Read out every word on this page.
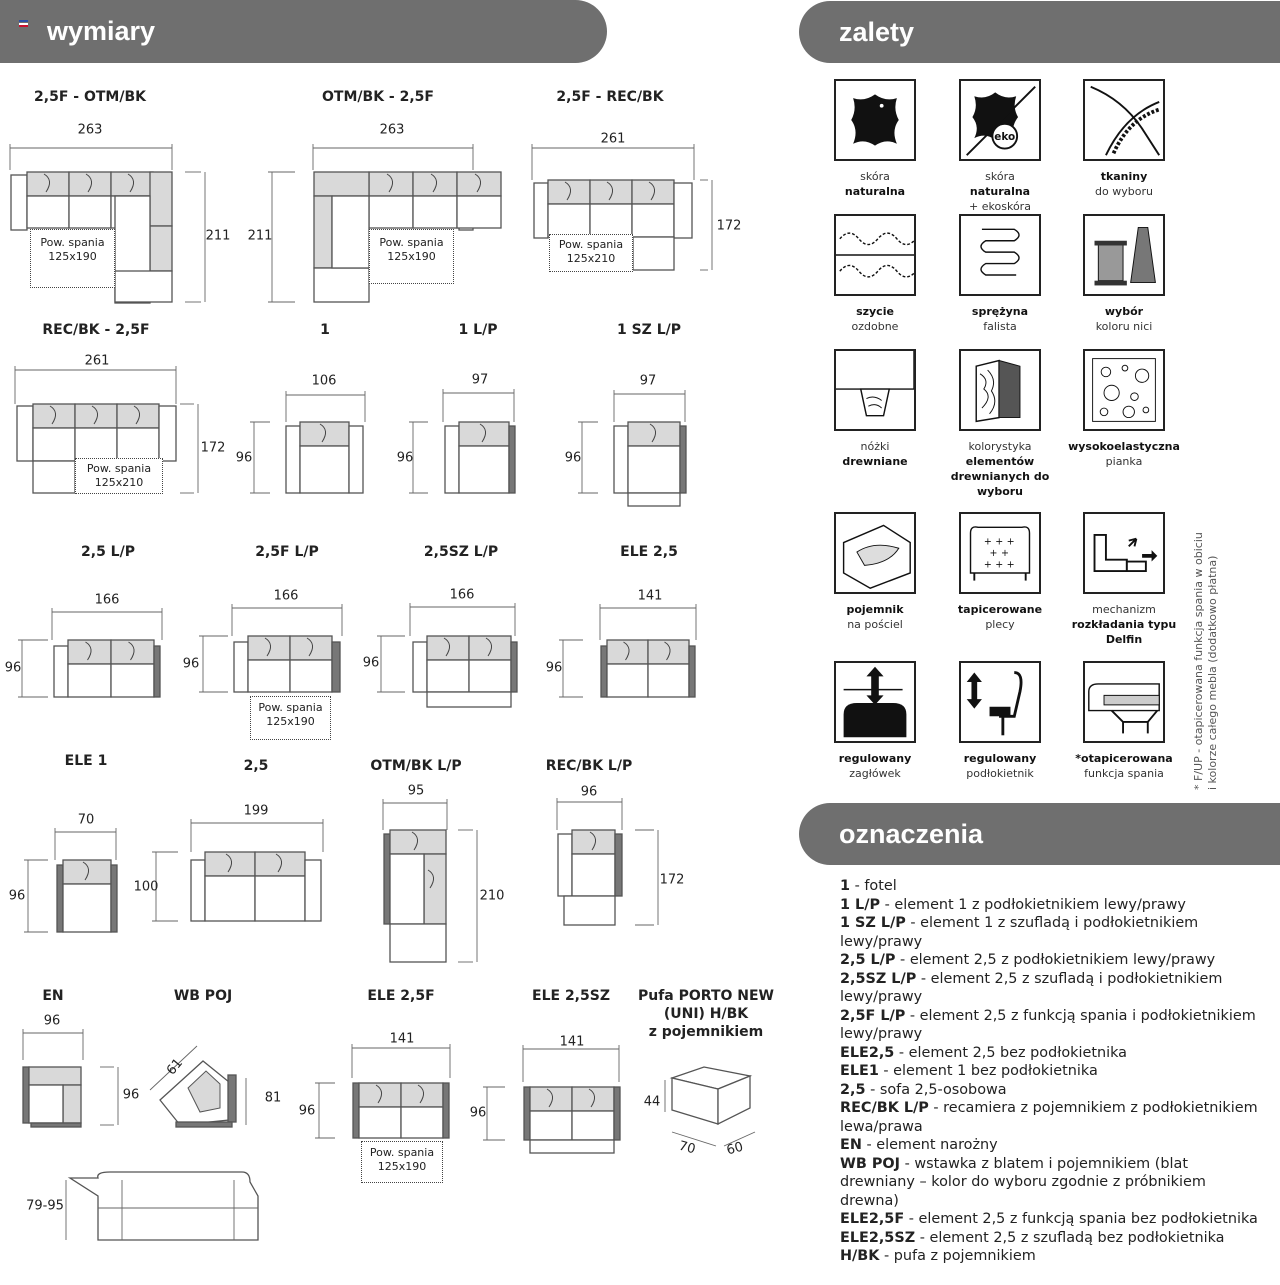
wymiary	zalety
oznaczenia
2,5F - OTM/BK	OTM/BK - 2,5F	2,5F - REC/BK
REC/BK - 2,5F	1	1 L/P	1 SZ L/P
2,5 L/P	2,5F L/P	2,5SZ L/P	ELE 2,5
ELE 1	2,5	OTM/BK L/P	REC/BK L/P
EN	WB POJ	ELE 2,5F	ELE 2,5SZ Pufa PORTO NEW
(UNI) H/BK
z pojemnikiem
263
211
263
211
261
172
261
172
106
96
97
96
97
96
166
96
166
96
166
96
141
96
70
96
199
100
95
210
96
172
96
96
61
81
141
96
141
96
70 60
44
79-95
Pow. spania
125x190
Pow. spania
125x190
Pow. spania
125x210
Pow. spania
125x210
Pow. spania
125x190
Pow. spania
125x190
skóra
naturalna
eko
skóra
naturalna
+ ekoskóra
tkaniny
do wyboru
szycie
ozdobne
sprężyna
falista
wybór
koloru nici
nóżki
drewniane
kolorystyka
elementów drewnianych do wyboru
wysokoelastyczna
pianka
pojemnik
na pościel
+ + +
+ +
+ + +
tapicerowane
plecy
mechanizm
rozkładania typu Delfin
regulowany
zagłówek
regulowany
podłokietnik
*otapicerowana
funkcja spania	* F/UP - otapicerowana funkcja spania w obiciu i kolorze całego mebla (dodatkowo płatna)
1 - fotel
1 L/P - element 1 z podłokietnikiem lewy/prawy
1 SZ L/P - element 1 z szufladą i podłokietnikiem lewy/prawy
2,5 L/P - element 2,5 z podłokietnikiem lewy/prawy
2,5SZ L/P - element 2,5 z szufladą i podłokietnikiem lewy/prawy
2,5F L/P - element 2,5 z funkcją spania i podłokietnikiem lewy/prawy
ELE2,5 - element 2,5 bez podłokietnika
ELE1 - element 1 bez podłokietnika
2,5 - sofa 2,5-osobowa
REC/BK L/P - recamiera z pojemnikiem z podłokietnikiem lewa/prawa
EN - element narożny
WB POJ - wstawka z blatem i pojemnikiem (blat drewniany – kolor do wyboru zgodnie z próbnikiem drewna)
ELE2,5F - element 2,5 z funkcją spania bez podłokietnika
ELE2,5SZ - element 2,5 z szufladą bez podłokietnika
H/BK - pufa z pojemnikiem
